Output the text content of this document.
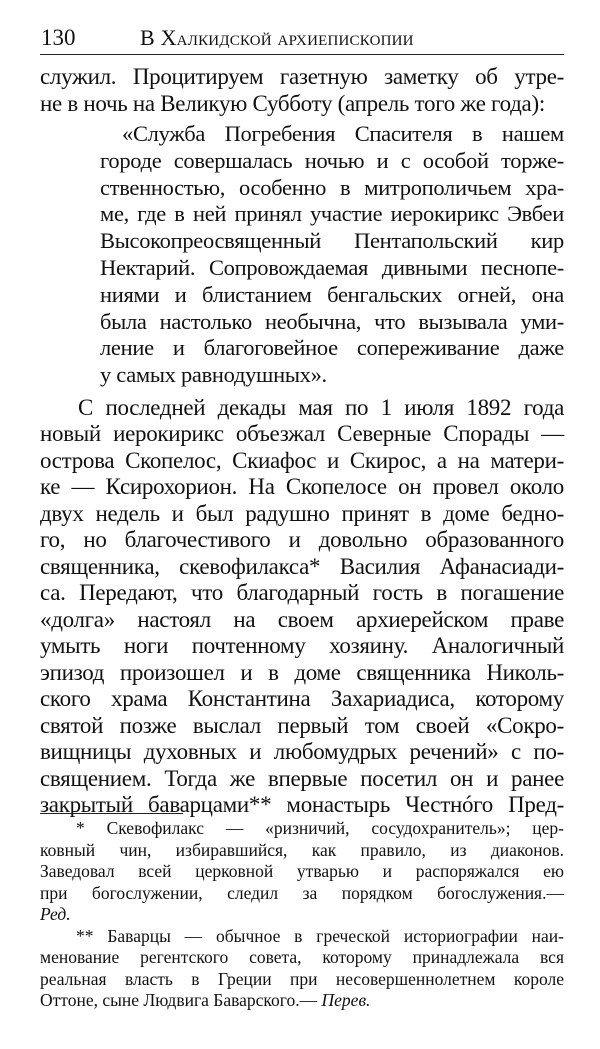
130	В Халкидской архиепископии
служил. Процитируем газетную заметку об утре-
не в ночь на Великую Субботу (апрель того же года):
«Служба Погребения Спасителя в нашем
городе совершалась ночью и с особой торже-
ственностью, особенно в митрополичьем хра-
ме, где в ней принял участие иерокирикс Эвбеи
Высокопреосвященный Пентапольский кир
Нектарий. Сопровождаемая дивными песнопе-
ниями и блистанием бенгальских огней, она
была настолько необычна, что вызывала уми-
ление и благоговейное сопереживание даже
у самых равнодушных».
С последней декады мая по 1 июля 1892 года
новый иерокирикс объезжал Северные Спорады —
острова Скопелос, Скиафос и Скирос, а на матери-
ке — Ксирохорион. На Скопелосе он провел около
двух недель и был радушно принят в доме бедно-
го, но благочестивого и довольно образованного
священника, скевофилакса* Василия Афанасиади-
са. Передают, что благодарный гость в погашение
«долга» настоял на своем архиерейском праве
умыть ноги почтенному хозяину. Аналогичный
эпизод произошел и в доме священника Николь-
ского храма Константина Захариадиса, которому
святой позже выслал первый том своей «Сокро-
вищницы духовных и любомудрых речений» с по-
священием. Тогда же впервые посетил он и ранее
закрытый баварцами** монастырь Честнóго Пред-
* Скевофилакс — «ризничий, сосудохранитель»; цер-
ковный чин, избиравшийся, как правило, из диаконов.
Заведовал всей церковной утварью и распоряжался ею
при богослужении, следил за порядком богослужения.—
Ред.
** Баварцы — обычное в греческой историографии наи-
менование регентского совета, которому принадлежала вся
реальная власть в Греции при несовершеннолетнем короле
Оттоне, сыне Людвига Баварского.— Перев.
